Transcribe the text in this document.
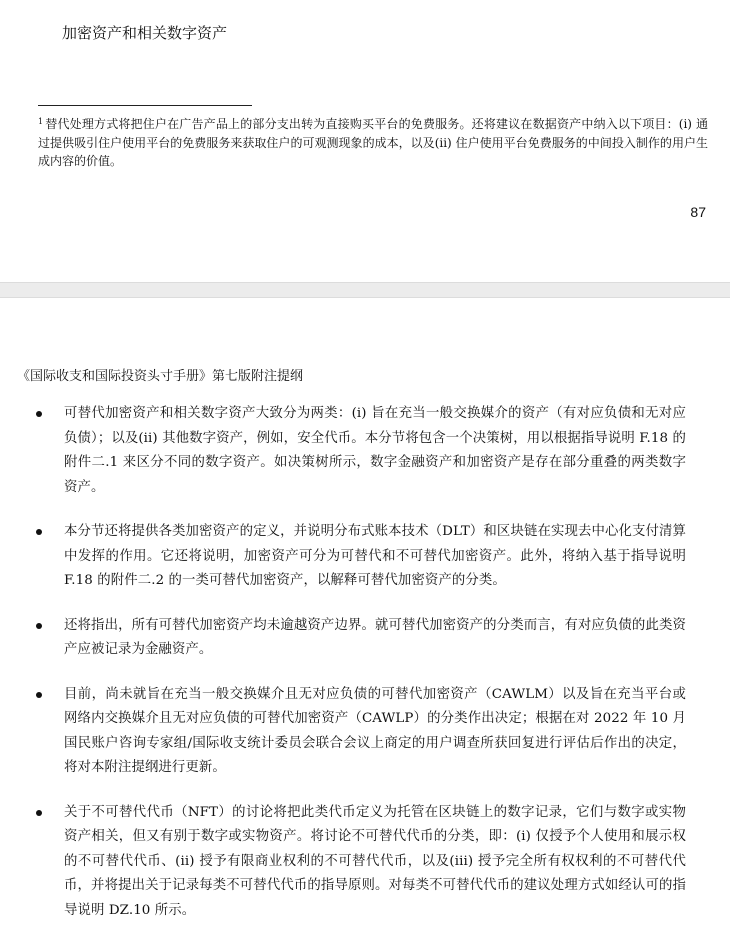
加密资产和相关数字资产

$^1$ 替代处理方式将把住户在广告产品上的部分支出转为直接购买平台的免费服务。还将建议在数据资产中纳入以下项目：(i) 通过提供吸引住户使用平台的免费服务来获取住户的可观测现象的成本，以及(ii) 住户使用平台免费服务的中间投入制作的用户生成内容的价值。

87
《国际收支和国际投资头寸手册》第七版附注提纲
可替代加密资产和相关数字资产大致分为两类：(i) 旨在充当一般交换媒介的资产（有对应负债和无对应负债）；以及(ii) 其他数字资产，例如，安全代币。本分节将包含一个决策树，用以根据指导说明 F.18 的附件二.1 来区分不同的数字资产。如决策树所示，数字金融资产和加密资产是存在部分重叠的两类数字资产。
本分节还将提供各类加密资产的定义，并说明分布式账本技术（DLT）和区块链在实现去中心化支付清算中发挥的作用。它还将说明，加密资产可分为可替代和不可替代加密资产。此外，将纳入基于指导说明 F.18 的附件二.2 的一类可替代加密资产，以解释可替代加密资产的分类。
还将指出，所有可替代加密资产均未逾越资产边界。就可替代加密资产的分类而言，有对应负债的此类资产应被记录为金融资产。
目前，尚未就旨在充当一般交换媒介且无对应负债的可替代加密资产（CAWLM）以及旨在充当平台或网络内交换媒介且无对应负债的可替代加密资产（CAWLP）的分类作出决定；根据在对 2022 年 10 月国民账户咨询专家组/国际收支统计委员会联合会议上商定的用户调查所获回复进行评估后作出的决定，将对本附注提纲进行更新。
关于不可替代代币（NFT）的讨论将把此类代币定义为托管在区块链上的数字记录，它们与数字或实物资产相关，但又有别于数字或实物资产。将讨论不可替代代币的分类，即：(i) 仅授予个人使用和展示权的不可替代代币、(ii) 授予有限商业权利的不可替代代币，以及(iii) 授予完全所有权权利的不可替代代币，并将提出关于记录每类不可替代代币的指导原则。对每类不可替代代币的建议处理方式如经认可的指导说明 DZ.10 所示。
